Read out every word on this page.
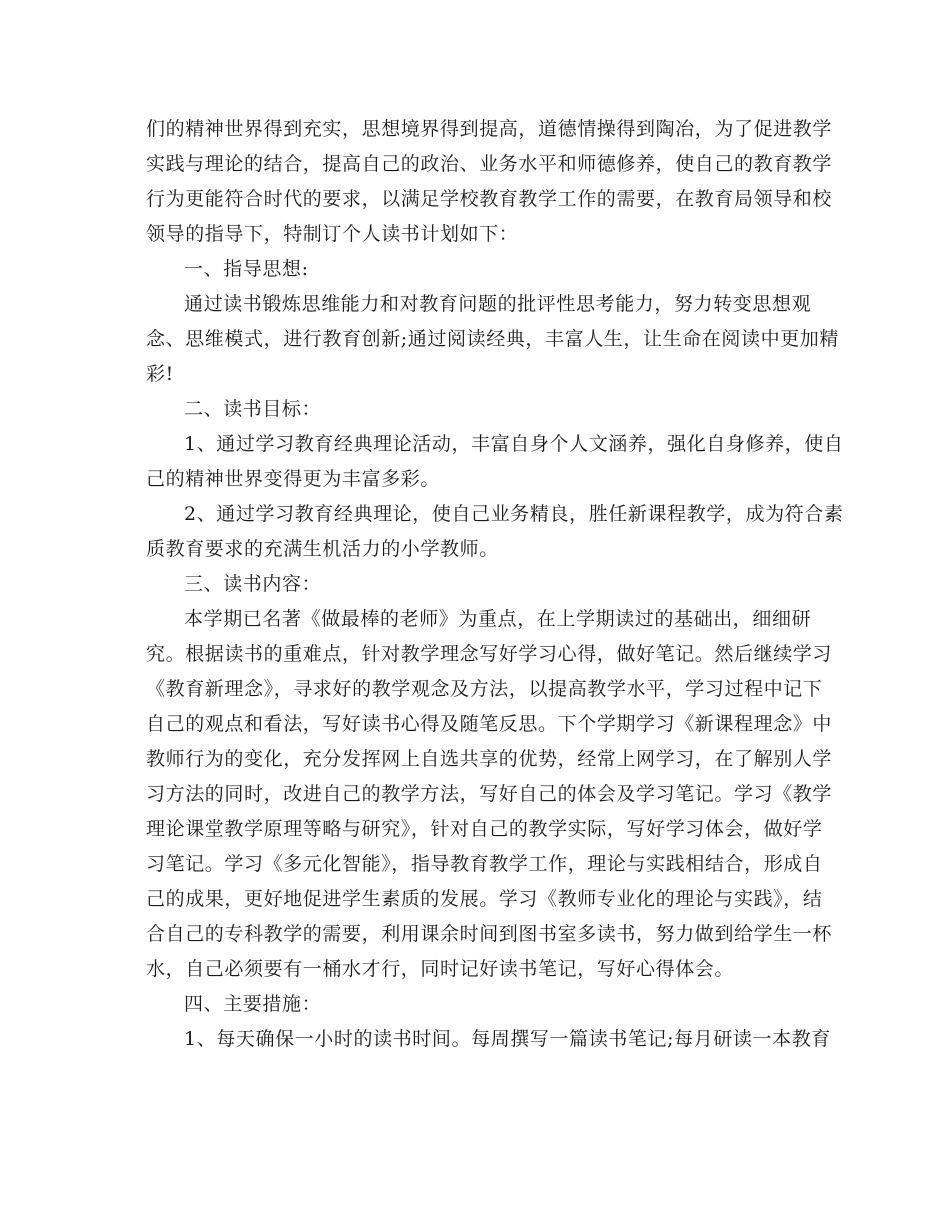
们的精神世界得到充实，思想境界得到提高，道德情操得到陶冶，为了促进教学
实践与理论的结合，提高自己的政治、业务水平和师德修养，使自己的教育教学
行为更能符合时代的要求，以满足学校教育教学工作的需要，在教育局领导和校
领导的指导下，特制订个人读书计划如下：
一、指导思想:
通过读书锻炼思维能力和对教育问题的批评性思考能力，努力转变思想观
念、思维模式，进行教育创新;通过阅读经典，丰富人生，让生命在阅读中更加精
彩!
二、读书目标：
1、通过学习教育经典理论活动，丰富自身个人文涵养，强化自身修养，使自
己的精神世界变得更为丰富多彩。
2、通过学习教育经典理论，使自己业务精良，胜任新课程教学，成为符合素
质教育要求的充满生机活力的小学教师。
三、读书内容：
本学期已名著《做最棒的老师》为重点，在上学期读过的基础出，细细研
究。根据读书的重难点，针对教学理念写好学习心得，做好笔记。然后继续学习
《教育新理念》，寻求好的教学观念及方法，以提高教学水平，学习过程中记下
自己的观点和看法，写好读书心得及随笔反思。下个学期学习《新课程理念》中
教师行为的变化，充分发挥网上自选共享的优势，经常上网学习，在了解别人学
习方法的同时，改进自己的教学方法，写好自己的体会及学习笔记。学习《教学
理论课堂教学原理等略与研究》，针对自己的教学实际，写好学习体会，做好学
习笔记。学习《多元化智能》，指导教育教学工作，理论与实践相结合，形成自
己的成果，更好地促进学生素质的发展。学习《教师专业化的理论与实践》，结
合自己的专科教学的需要，利用课余时间到图书室多读书，努力做到给学生一杯
水，自己必须要有一桶水才行，同时记好读书笔记，写好心得体会。
四、主要措施：
1、每天确保一小时的读书时间。每周撰写一篇读书笔记;每月研读一本教育
